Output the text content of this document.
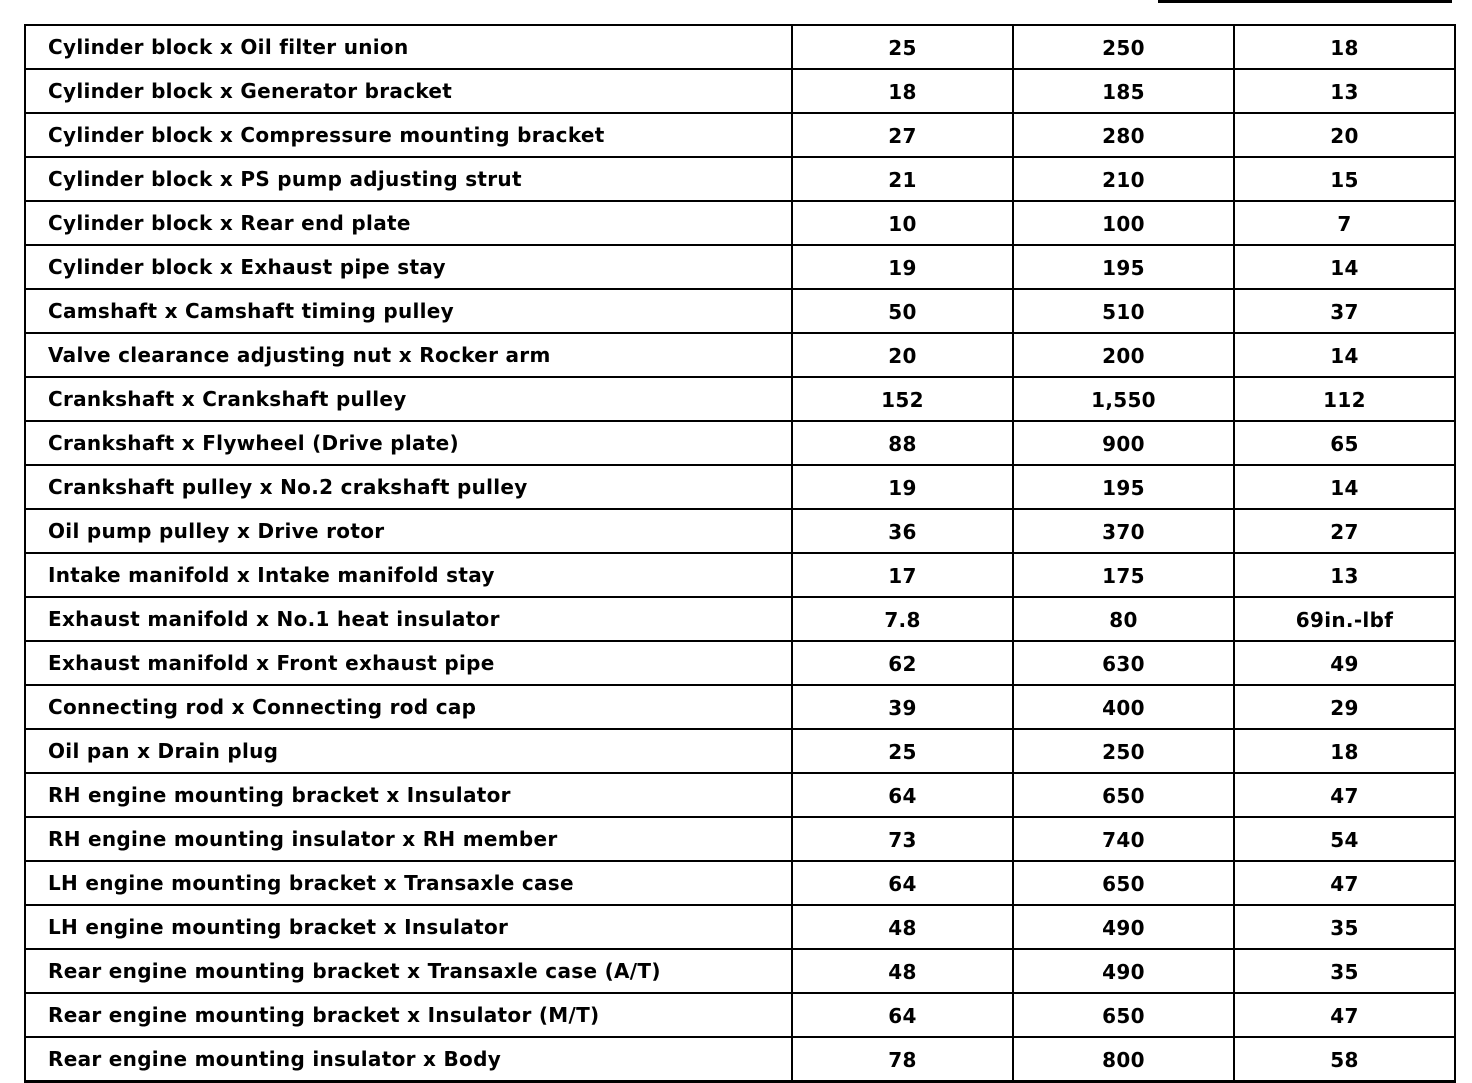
Cylinder block x Oil filter union	25	250	18
Cylinder block x Generator bracket	18	185	13
Cylinder block x Compressure mounting bracket	27	280	20
Cylinder block x PS pump adjusting strut	21	210	15
Cylinder block x Rear end plate	10	100	7
Cylinder block x Exhaust pipe stay	19	195	14
Camshaft x Camshaft timing pulley	50	510	37
Valve clearance adjusting nut x Rocker arm	20	200	14
Crankshaft x Crankshaft pulley	152	1,550	112
Crankshaft x Flywheel (Drive plate)	88	900	65
Crankshaft pulley x No.2 crakshaft pulley	19	195	14
Oil pump pulley x Drive rotor	36	370	27
Intake manifold x Intake manifold stay	17	175	13
Exhaust manifold x No.1 heat insulator	7.8	80	69in.-lbf
Exhaust manifold x Front exhaust pipe	62	630	49
Connecting rod x Connecting rod cap	39	400	29
Oil pan x Drain plug	25	250	18
RH engine mounting bracket x Insulator	64	650	47
RH engine mounting insulator x RH member	73	740	54
LH engine mounting bracket x Transaxle case	64	650	47
LH engine mounting bracket x Insulator	48	490	35
Rear engine mounting bracket x Transaxle case (A/T)	48	490	35
Rear engine mounting bracket x Insulator (M/T)	64	650	47
Rear engine mounting insulator x Body	78	800	58
